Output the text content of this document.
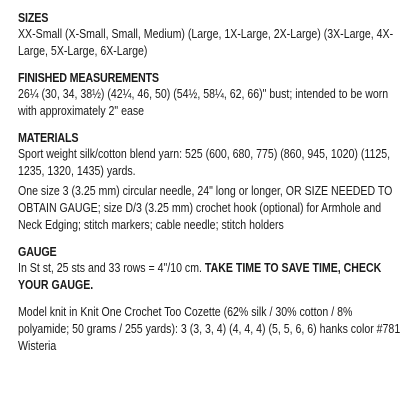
SIZES

XX-Small (X-Small, Small, Medium) (Large, 1X-Large, 2X-Large) (3X-Large, 4X-Large, 5X-Large, 6X-Large)

FINISHED MEASUREMENTS

26¼ (30, 34, 38½) (42¼, 46, 50) (54½, 58¼, 62, 66)" bust; intended to be worn with approximately 2" ease

MATERIALS

Sport weight silk/cotton blend yarn: 525 (600, 680, 775) (860, 945, 1020) (1125, 1235, 1320, 1435) yards.

One size 3 (3.25 mm) circular needle, 24" long or longer, OR SIZE NEEDED TO OBTAIN GAUGE; size D/3 (3.25 mm) crochet hook (optional) for Armhole and Neck Edging; stitch markers; cable needle; stitch holders

GAUGE

In St st, 25 sts and 33 rows = 4"/10 cm. TAKE TIME TO SAVE TIME, CHECK YOUR GAUGE.

Model knit in Knit One Crochet Too Cozette (62% silk / 30% cotton / 8% polyamide; 50 grams / 255 yards): 3 (3, 3, 4) (4, 4, 4) (5, 5, 6, 6) hanks color #781 Wisteria
